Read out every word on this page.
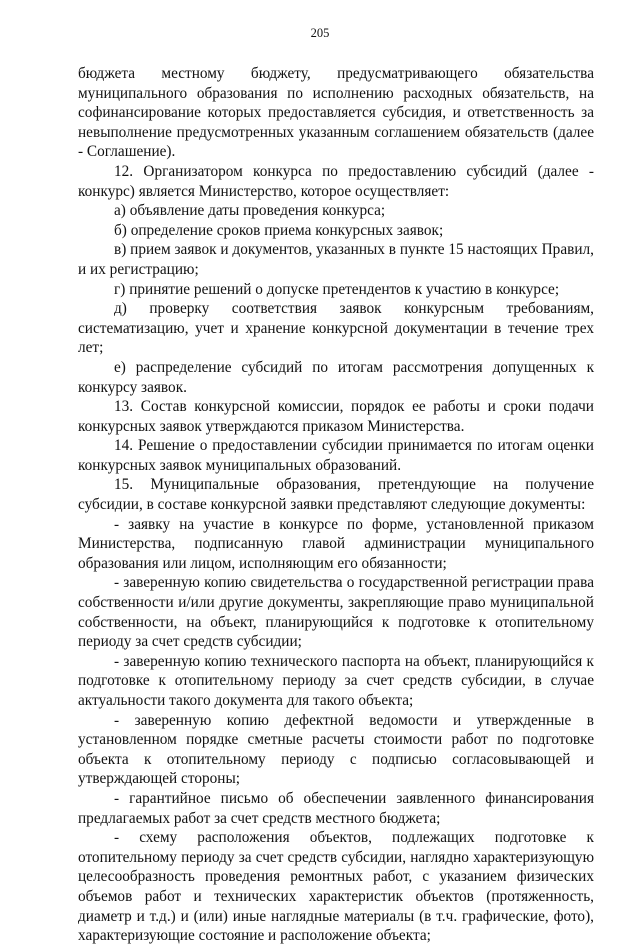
205

бюджета местному бюджету, предусматривающего обязательства муниципального образования по исполнению расходных обязательств, на софинансирование которых предоставляется субсидия, и ответственность за невыполнение предусмотренных указанным соглашением обязательств (далее - Соглашение).

12. Организатором конкурса по предоставлению субсидий (далее - конкурс) является Министерство, которое осуществляет:

а) объявление даты проведения конкурса;

б) определение сроков приема конкурсных заявок;

в) прием заявок и документов, указанных в пункте 15 настоящих Правил, и их регистрацию;

г) принятие решений о допуске претендентов к участию в конкурсе;

д) проверку соответствия заявок конкурсным требованиям, систематизацию, учет и хранение конкурсной документации в течение трех лет;

е) распределение субсидий по итогам рассмотрения допущенных к конкурсу заявок.

13. Состав конкурсной комиссии, порядок ее работы и сроки подачи конкурсных заявок утверждаются приказом Министерства.

14. Решение о предоставлении субсидии принимается по итогам оценки конкурсных заявок муниципальных образований.

15. Муниципальные образования, претендующие на получение субсидии, в составе конкурсной заявки представляют следующие документы:

- заявку на участие в конкурсе по форме, установленной приказом Министерства, подписанную главой администрации муниципального образования или лицом, исполняющим его обязанности;

- заверенную копию свидетельства о государственной регистрации права собственности и/или другие документы, закрепляющие право муниципальной собственности, на объект, планирующийся к подготовке к отопительному периоду за счет средств субсидии;

- заверенную копию технического паспорта на объект, планирующийся к подготовке к отопительному периоду за счет средств субсидии, в случае актуальности такого документа для такого объекта;

- заверенную копию дефектной ведомости и утвержденные в установленном порядке сметные расчеты стоимости работ по подготовке объекта к отопительному периоду с подписью согласовывающей и утверждающей стороны;

- гарантийное письмо об обеспечении заявленного финансирования предлагаемых работ за счет средств местного бюджета;

- схему расположения объектов, подлежащих подготовке к отопительному периоду за счет средств субсидии, наглядно характеризующую целесообразность проведения ремонтных работ, с указанием физических объемов работ и технических характеристик объектов (протяженность, диаметр и т.д.) и (или) иные наглядные материалы (в т.ч. графические, фото), характеризующие состояние и расположение объекта;
